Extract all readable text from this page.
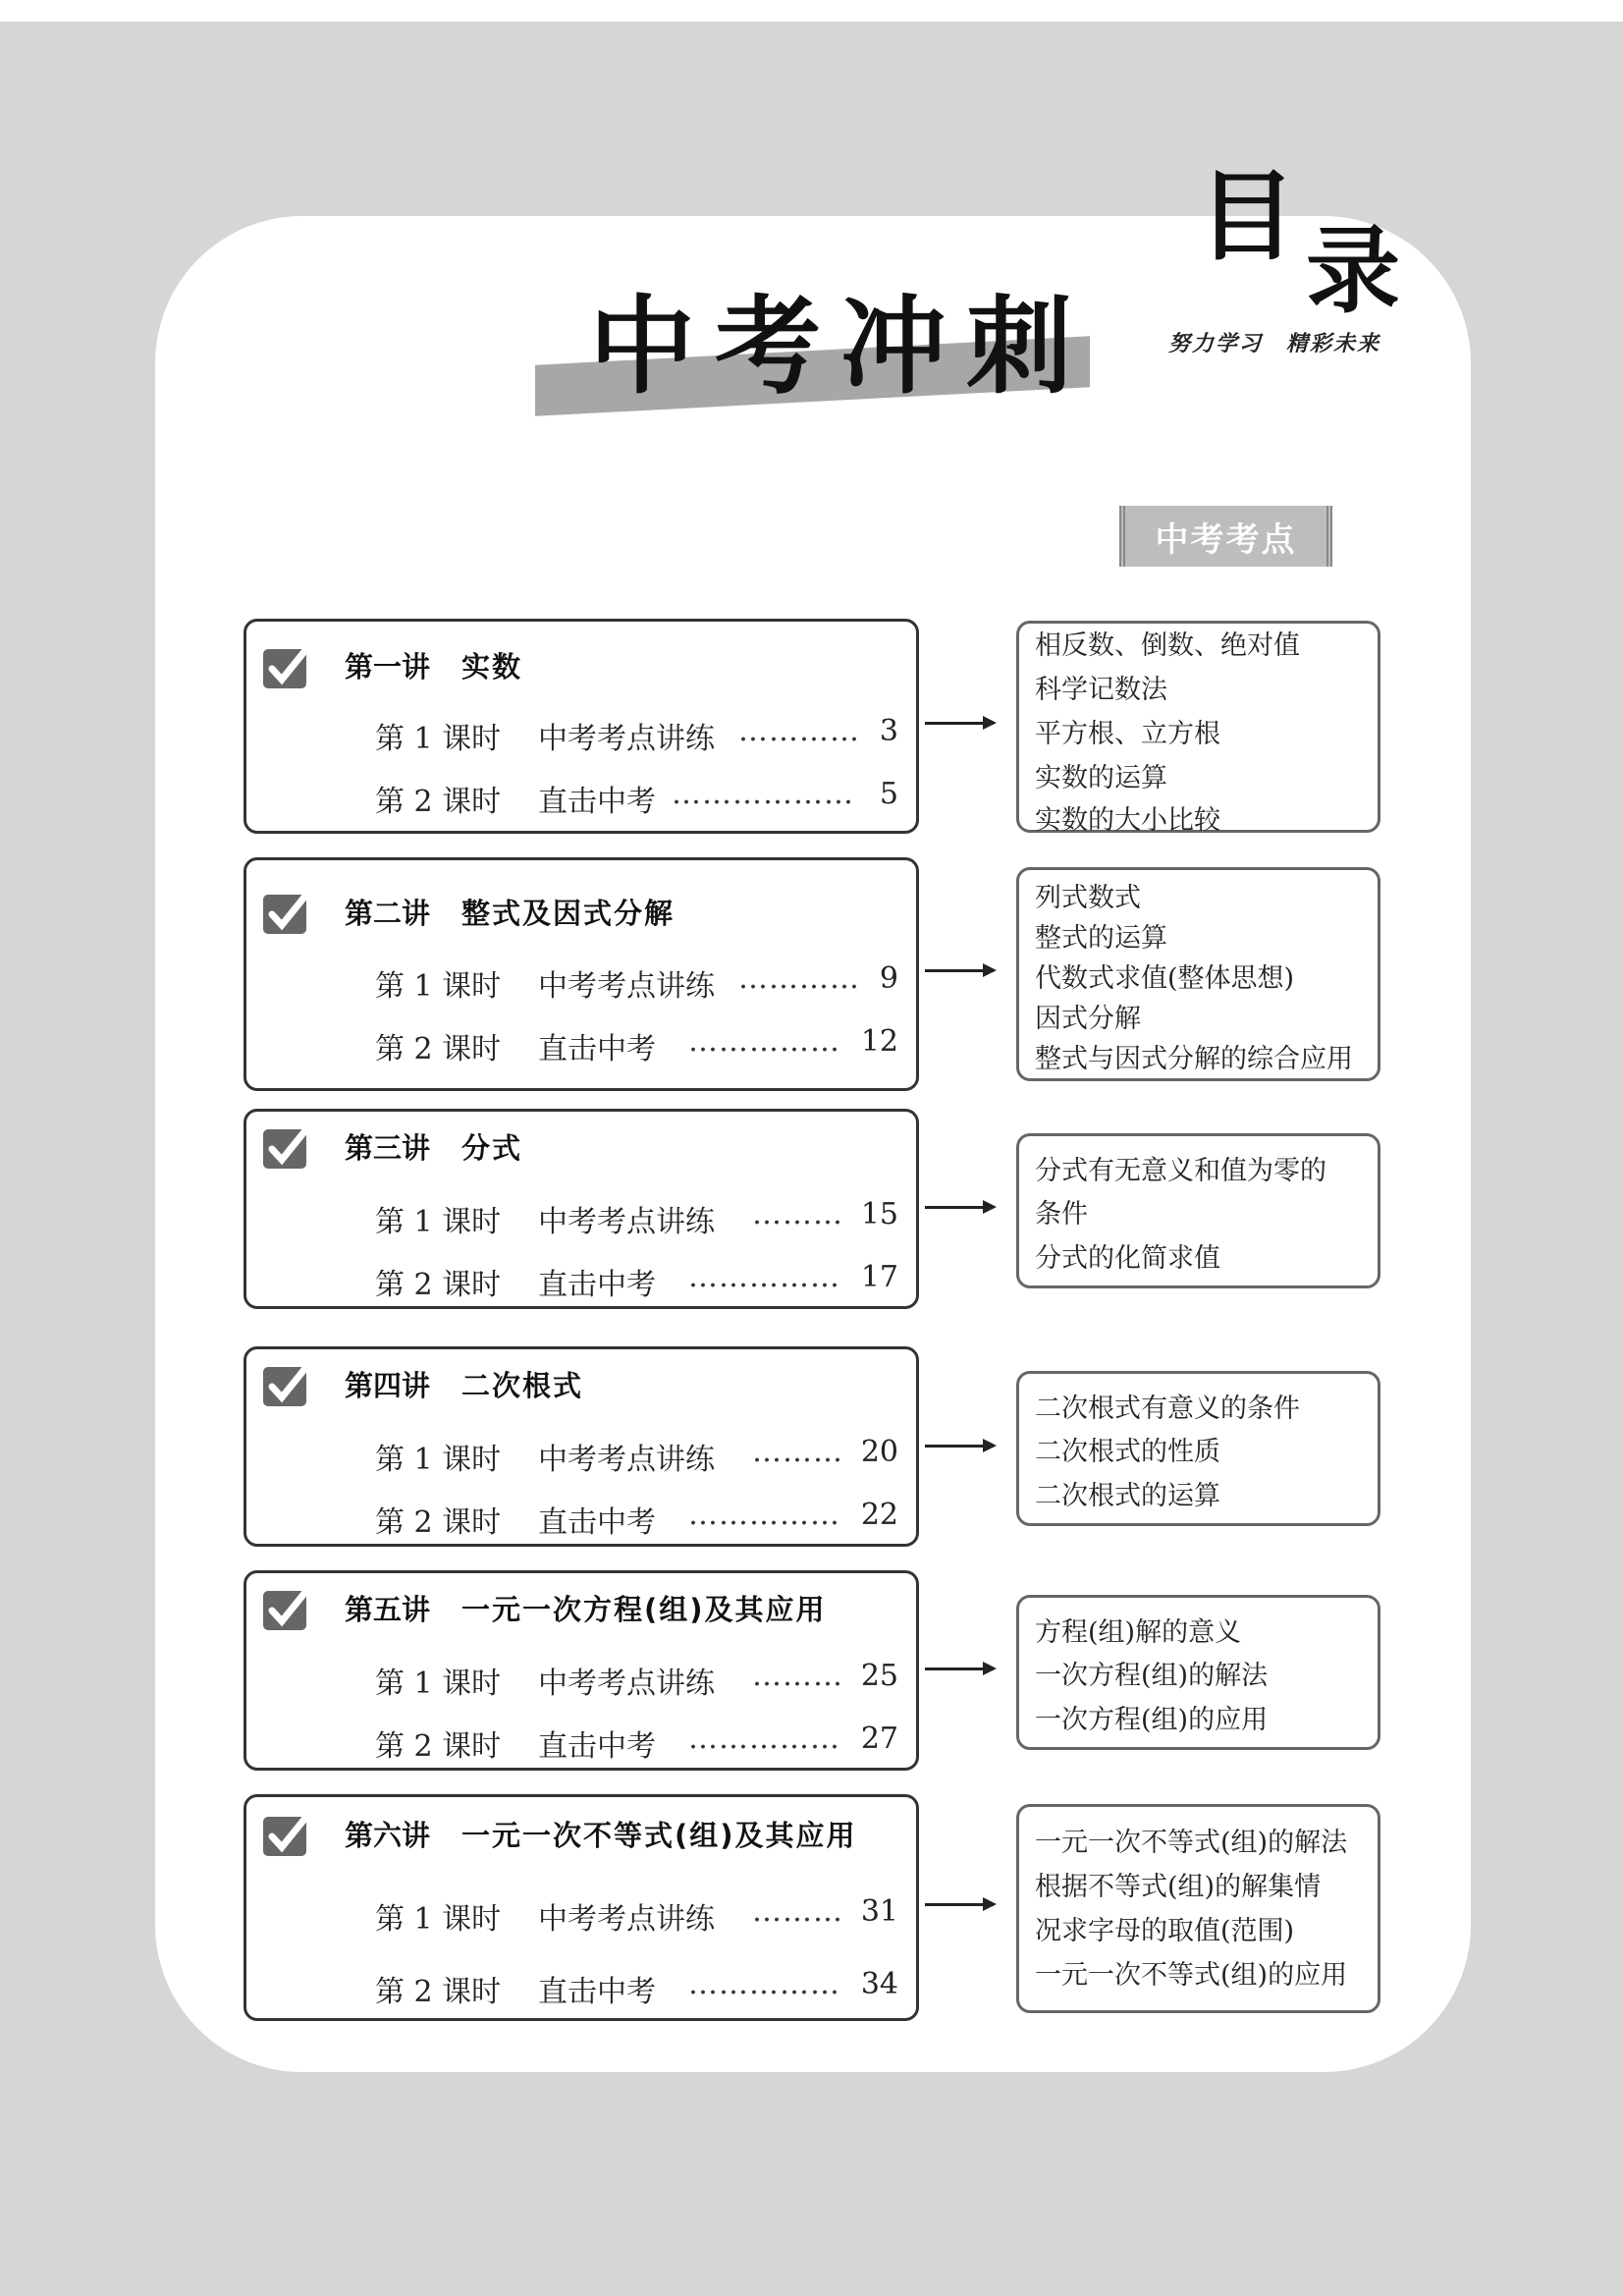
中考冲刺
目 录
努力学习 精彩未来
中考考点
第一讲 实数
第 1 课时 中考考点讲练 ………… 3
第 2 课时 直击中考 ……………… 5
相反数、倒数、绝对值
科学记数法
平方根、立方根
实数的运算
实数的大小比较
第二讲 整式及因式分解
第 1 课时 中考考点讲练 ………… 9
第 2 课时 直击中考 …………… 12
列式数式
整式的运算
代数式求值(整体思想)
因式分解
整式与因式分解的综合应用
第三讲 分式
第 1 课时 中考考点讲练 ……… 15
第 2 课时 直击中考 …………… 17
分式有无意义和值为零的
条件
分式的化简求值
第四讲 二次根式
第 1 课时 中考考点讲练 ……… 20
第 2 课时 直击中考 …………… 22
二次根式有意义的条件
二次根式的性质
二次根式的运算
第五讲 一元一次方程(组)及其应用
第 1 课时 中考考点讲练 ……… 25
第 2 课时 直击中考 …………… 27
方程(组)解的意义
一次方程(组)的解法
一次方程(组)的应用
第六讲 一元一次不等式(组)及其应用
第 1 课时 中考考点讲练 ……… 31
第 2 课时 直击中考 …………… 34
一元一次不等式(组)的解法
根据不等式(组)的解集情
况求字母的取值(范围)
一元一次不等式(组)的应用
